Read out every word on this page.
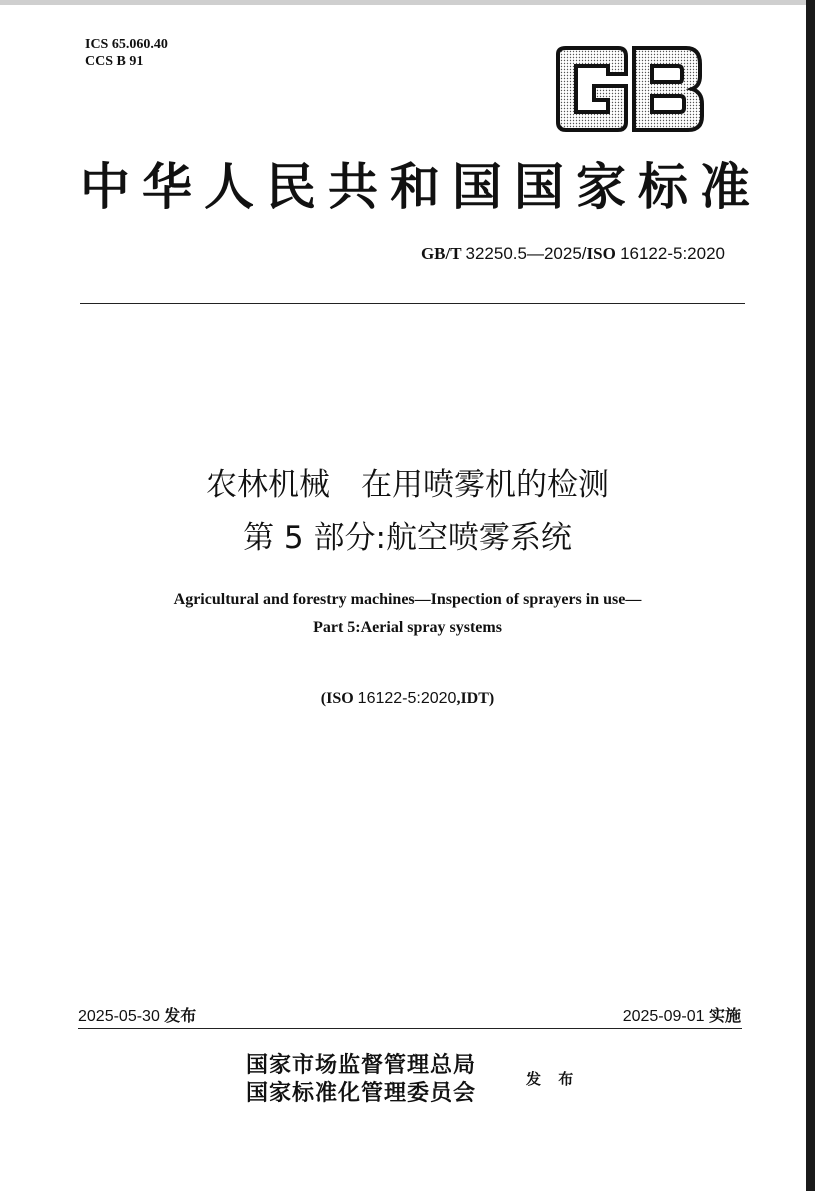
ICS 65.060.40
CCS B 91
中 华 人 民 共 和 国 国 家 标 准
GB/T 32250.5—2025/ISO 16122-5:2020
农林机械　在用喷雾机的检测
第 5 部分:航空喷雾系统
Agricultural and forestry machines—Inspection of sprayers in use—
Part 5:Aerial spray systems
(ISO 16122-5:2020,IDT)
2025-05-30 发布	2025-09-01 实施
国家市场监督管理总局
国家标准化管理委员会
发 布
